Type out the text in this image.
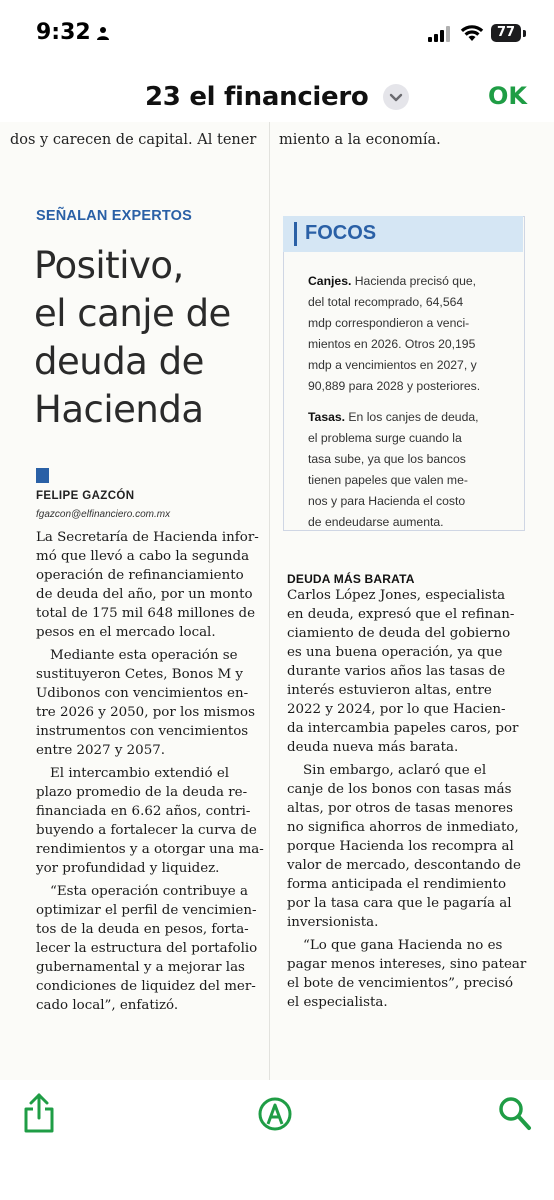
9:32	77
23 el financiero	OK
dos y carecen de capital. Al tener miento a la economía.
SEÑALAN EXPERTOS
Positivo,
el canje de
deuda de
Hacienda
FELIPE GAZCÓN
fgazcon@elfinanciero.com.mx
La Secretaría de Hacienda infor-
mó que llevó a cabo la segunda
operación de refinanciamiento
de deuda del año, por un monto
total de 175 mil 648 millones de
pesos en el mercado local.
Mediante esta operación se
sustituyeron Cetes, Bonos M y
Udibonos con vencimientos en-
tre 2026 y 2050, por los mismos
instrumentos con vencimientos
entre 2027 y 2057.
El intercambio extendió el
plazo promedio de la deuda re-
financiada en 6.62 años, contri-
buyendo a fortalecer la curva de
rendimientos y a otorgar una ma-
yor profundidad y liquidez.
“Esta operación contribuye a
optimizar el perfil de vencimien-
tos de la deuda en pesos, forta-
lecer la estructura del portafolio
gubernamental y a mejorar las
condiciones de liquidez del mer-
cado local”, enfatizó.
FOCOS
Canjes. Hacienda precisó que,
del total recomprado, 64,564
mdp correspondieron a venci-
mientos en 2026. Otros 20,195
mdp a vencimientos en 2027, y
90,889 para 2028 y posteriores.
Tasas. En los canjes de deuda,
el problema surge cuando la
tasa sube, ya que los bancos
tienen papeles que valen me-
nos y para Hacienda el costo
de endeudarse aumenta.
DEUDA MÁS BARATA
Carlos López Jones, especialista
en deuda, expresó que el refinan-
ciamiento de deuda del gobierno
es una buena operación, ya que
durante varios años las tasas de
interés estuvieron altas, entre
2022 y 2024, por lo que Hacien-
da intercambia papeles caros, por
deuda nueva más barata.
Sin embargo, aclaró que el
canje de los bonos con tasas más
altas, por otros de tasas menores
no significa ahorros de inmediato,
porque Hacienda los recompra al
valor de mercado, descontando de
forma anticipada el rendimiento
por la tasa cara que le pagaría al
inversionista.
“Lo que gana Hacienda no es
pagar menos intereses, sino patear
el bote de vencimientos”, precisó
el especialista.
